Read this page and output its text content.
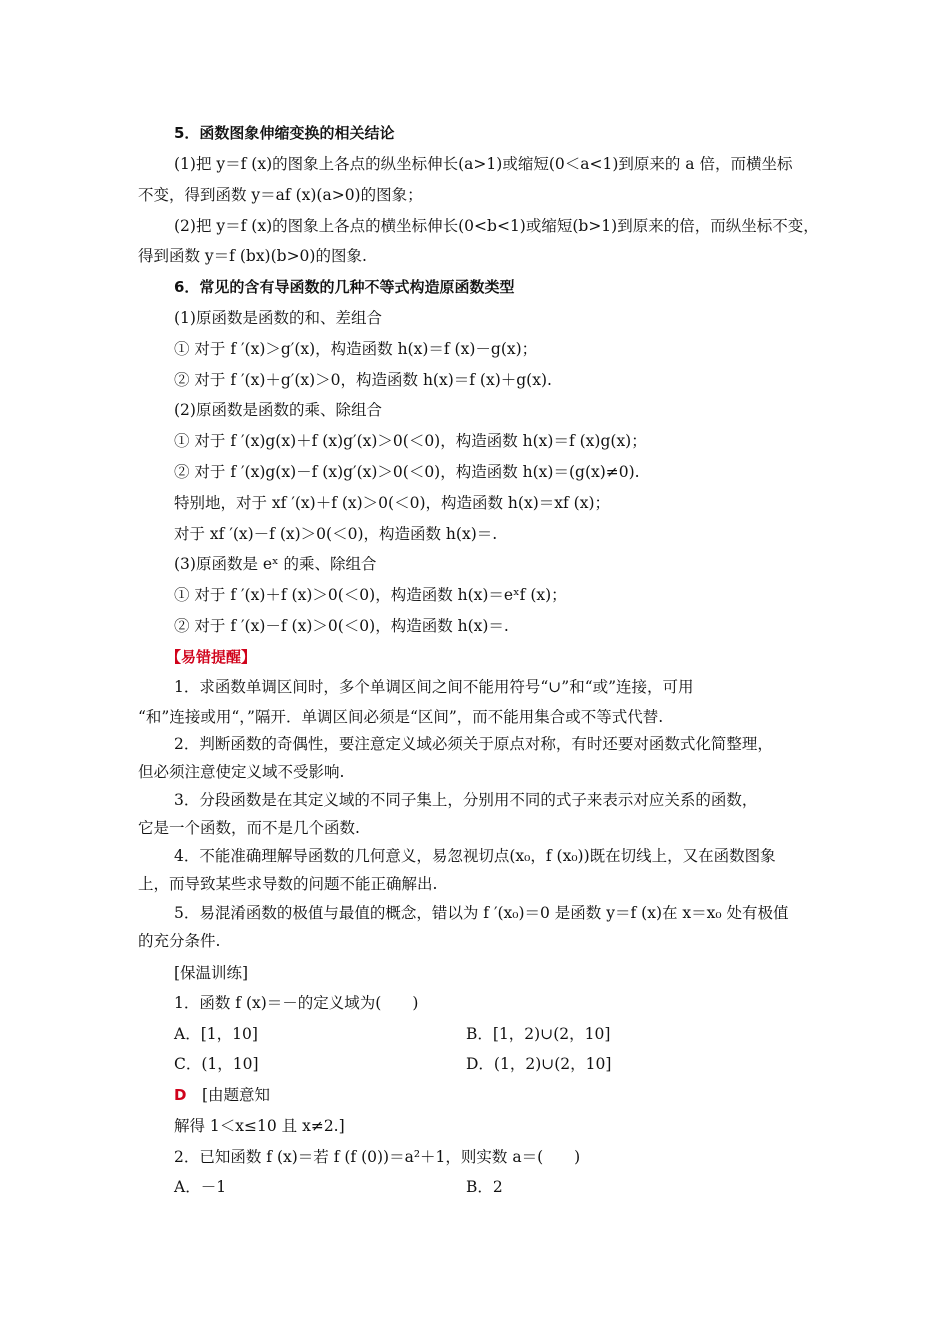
5．函数图象伸缩变换的相关结论
(1)把 y＝f (x)的图象上各点的纵坐标伸长(a>1)或缩短(0＜a<1)到原来的 a 倍，而横坐标
不变，得到函数 y＝af (x)(a>0)的图象；
(2)把 y＝f (x)的图象上各点的横坐标伸长(0<b<1)或缩短(b>1)到原来的倍，而纵坐标不变，
得到函数 y＝f (bx)(b>0)的图象.
6．常见的含有导函数的几种不等式构造原函数类型
(1)原函数是函数的和、差组合
① 对于 f ′(x)＞g′(x)，构造函数 h(x)＝f (x)－g(x)；
② 对于 f ′(x)＋g′(x)＞0，构造函数 h(x)＝f (x)＋g(x).
(2)原函数是函数的乘、除组合
① 对于 f ′(x)g(x)＋f (x)g′(x)＞0(＜0)，构造函数 h(x)＝f (x)g(x)；
② 对于 f ′(x)g(x)－f (x)g′(x)＞0(＜0)，构造函数 h(x)＝(g(x)≠0).
特别地，对于 xf ′(x)＋f (x)＞0(＜0)，构造函数 h(x)＝xf (x)；
对于 xf ′(x)－f (x)＞0(＜0)，构造函数 h(x)＝.
(3)原函数是 eˣ 的乘、除组合
① 对于 f ′(x)＋f (x)＞0(＜0)，构造函数 h(x)＝eˣf (x)；
② 对于 f ′(x)－f (x)＞0(＜0)，构造函数 h(x)＝.
【易错提醒】
1．求函数单调区间时，多个单调区间之间不能用符号“∪”和“或”连接，可用
“和”连接或用“，”隔开．单调区间必须是“区间”，而不能用集合或不等式代替.
2．判断函数的奇偶性，要注意定义域必须关于原点对称，有时还要对函数式化简整理，
但必须注意使定义域不受影响.
3．分段函数是在其定义域的不同子集上，分别用不同的式子来表示对应关系的函数，
它是一个函数，而不是几个函数.
4．不能准确理解导函数的几何意义，易忽视切点(x₀，f (x₀))既在切线上，又在函数图象
上，而导致某些求导数的问题不能正确解出.
5．易混淆函数的极值与最值的概念，错以为 f ′(x₀)＝0 是函数 y＝f (x)在 x＝x₀ 处有极值
的充分条件.
[保温训练]
1．函数 f (x)＝－的定义域为(　　)
A．[1，10]	B．[1，2)∪(2，10]
C．(1，10]	D．(1，2)∪(2，10]
D [由题意知
解得 1＜x≤10 且 x≠2.]
2．已知函数 f (x)＝若 f (f (0))＝a²＋1，则实数 a＝(　　)
A．－1	B．2
